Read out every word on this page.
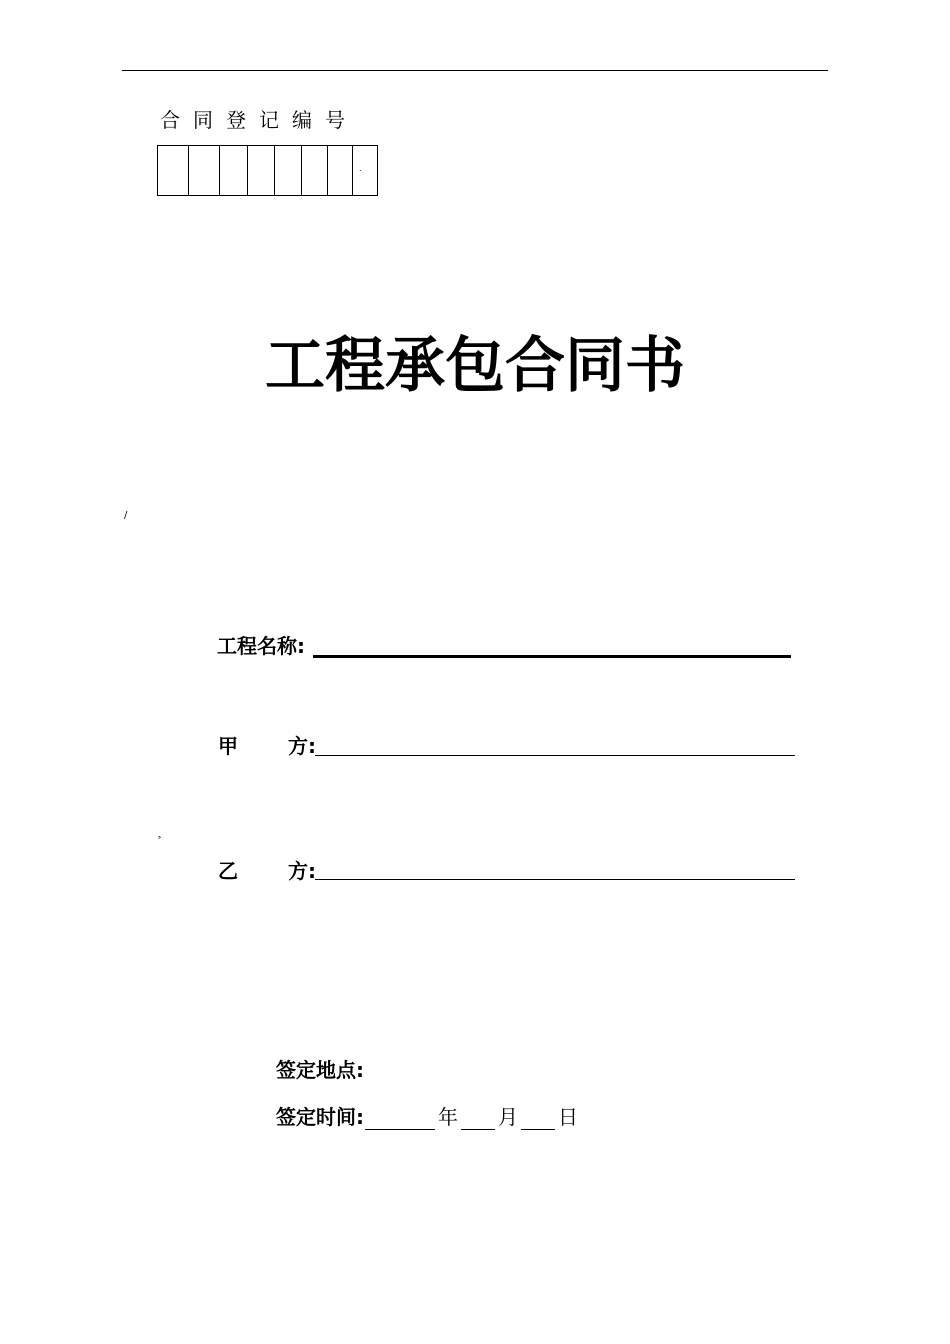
合同登记编号
.
工程承包合同书
/
˃
工程名称:
甲	方:
乙	方:
签定地点:
签定时间:	年 月 日
